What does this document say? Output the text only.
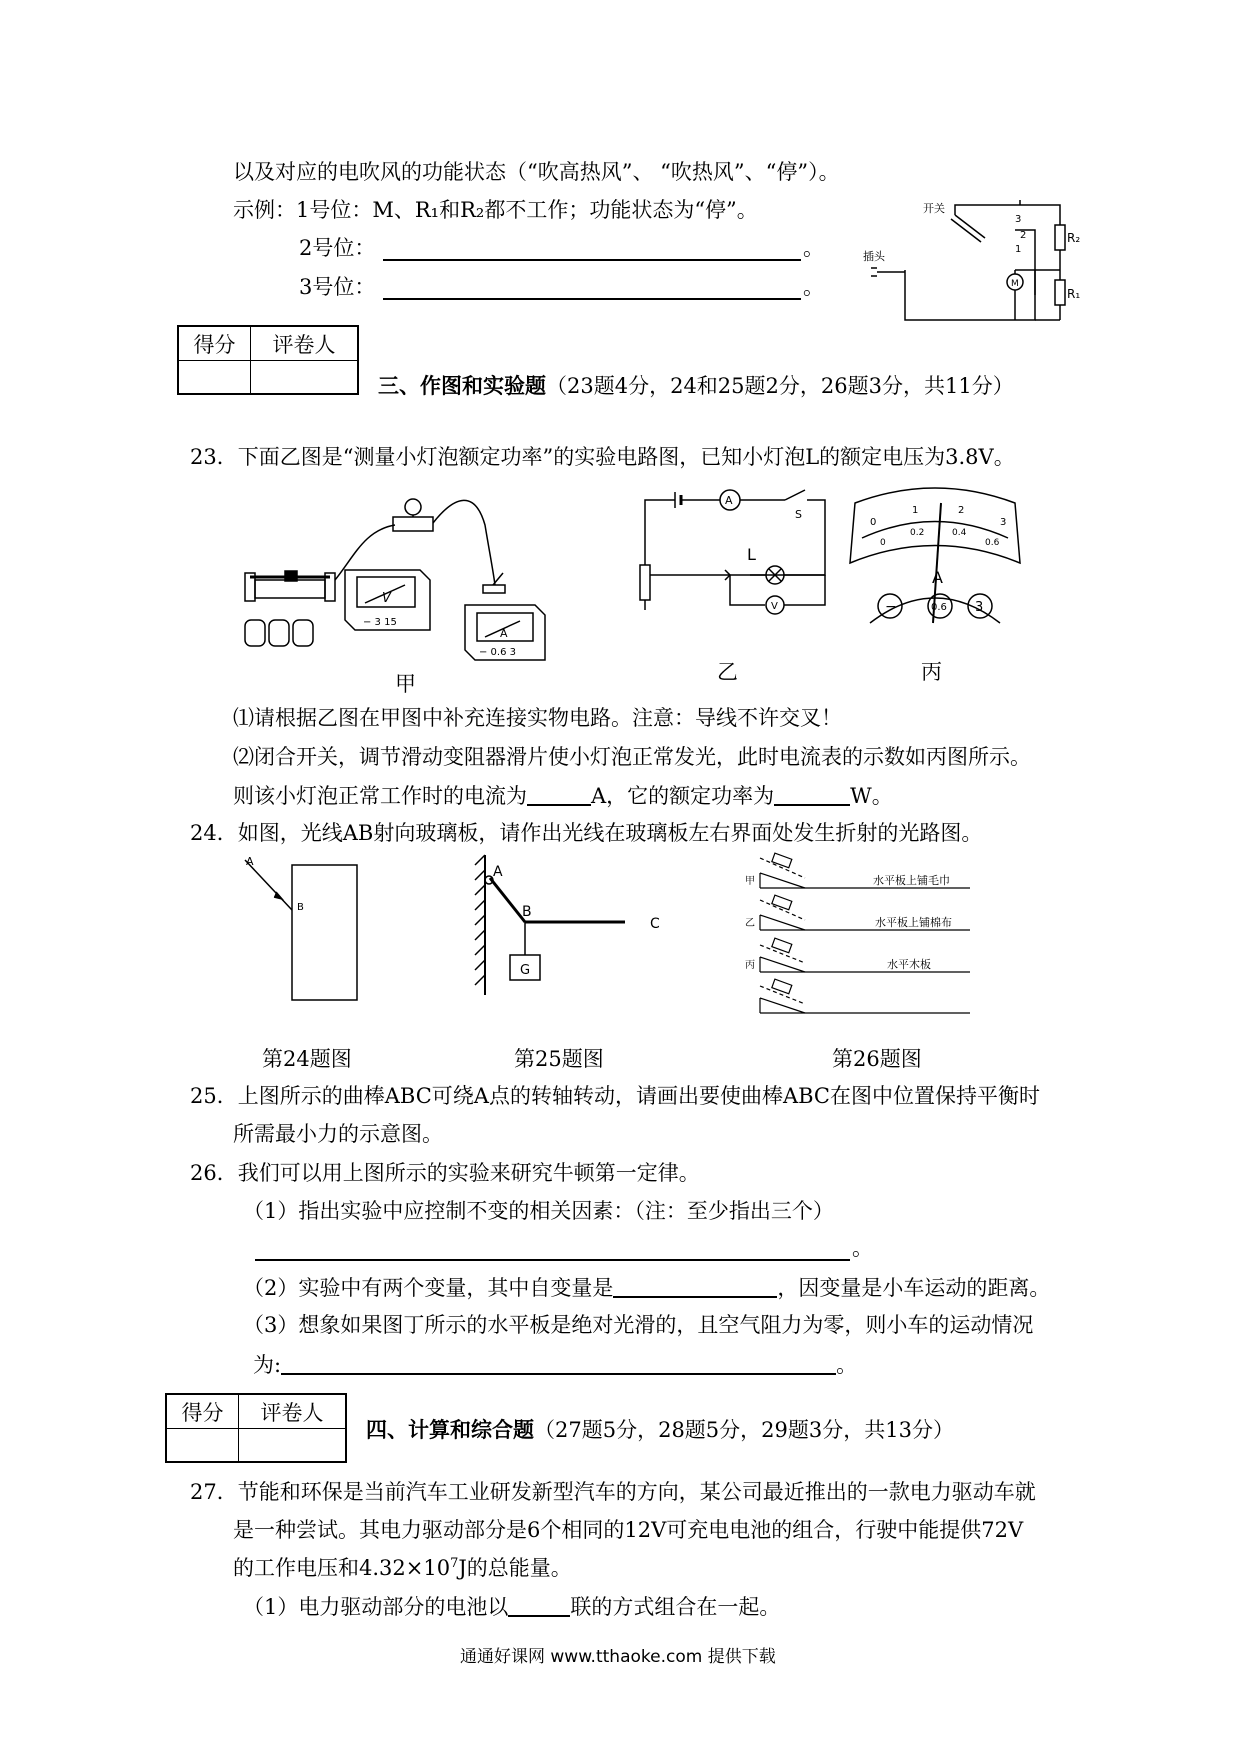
以及对应的电吹风的功能状态（“吹高热风”、 “吹热风”、“停”）。
示例：1号位：M、R₁和R₂都不工作；功能状态为“停”。
2号位：	。
3号位：	。
开关
插头
3
2
1
R₂
R₁
M
得分	评卷人

三、作图和实验题（23题4分，24和25题2分，26题3分，共11分）
23．下面乙图是“测量小灯泡额定功率”的实验电路图，已知小灯泡L的额定电压为3.8V。
V
− 3 15
A
− 0.6 3
A
S
L
V
0
1	2
3
0
0.2	0.4
0.6
A
−	0.6 3
甲	乙	丙
⑴请根据乙图在甲图中补充连接实物电路。注意：导线不许交叉！
⑵闭合开关，调节滑动变阻器滑片使小灯泡正常发光，此时电流表的示数如丙图所示。
则该小灯泡正常工作时的电流为	A，它的额定功率为	W。
24．如图，光线AB射向玻璃板，请作出光线在玻璃板左右界面处发生折射的光路图。
A
B
A
B
C
G
甲
乙
丙
水平板上铺毛巾
水平板上铺棉布
水平木板
第24题图	第25题图	第26题图
25．上图所示的曲棒ABC可绕A点的转轴转动，请画出要使曲棒ABC在图中位置保持平衡时
所需最小力的示意图。
26．我们可以用上图所示的实验来研究牛顿第一定律。
（1）指出实验中应控制不变的相关因素：（注：至少指出三个）
。
（2）实验中有两个变量，其中自变量是	，因变量是小车运动的距离。
（3）想象如果图丁所示的水平板是绝对光滑的，且空气阻力为零，则小车的运动情况
为:	。
得分	评卷人

四、计算和综合题（27题5分，28题5分，29题3分，共13分）
27．节能和环保是当前汽车工业研发新型汽车的方向，某公司最近推出的一款电力驱动车就
是一种尝试。其电力驱动部分是6个相同的12V可充电电池的组合，行驶中能提供72V
的工作电压和$4.32\times 10^7J$的总能量。
（1）电力驱动部分的电池以	联的方式组合在一起。
通通好课网 www.tthaoke.com 提供下载
